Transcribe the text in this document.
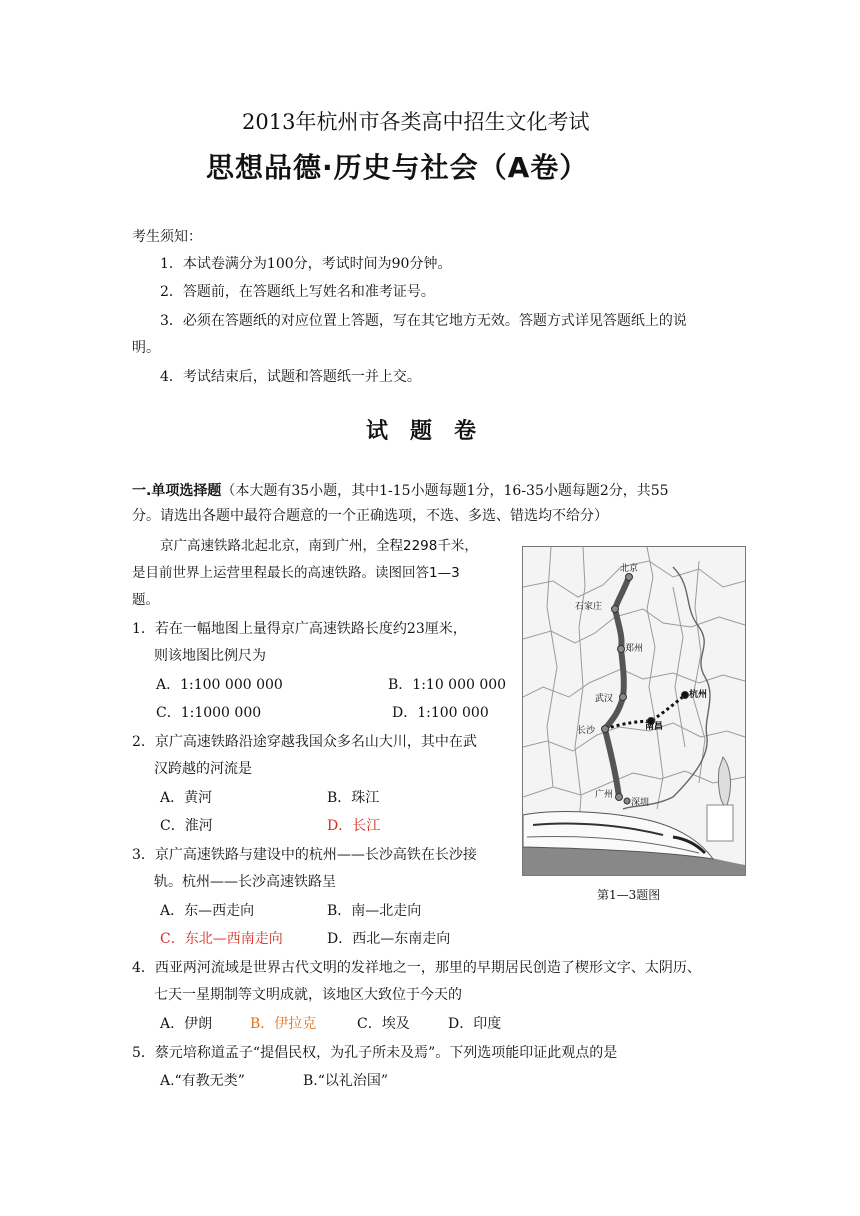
2013年杭州市各类高中招生文化考试
思想品德·历史与社会（A卷）
考生须知：
1．本试卷满分为100分，考试时间为90分钟。
2．答题前，在答题纸上写姓名和准考证号。
3．必须在答题纸的对应位置上答题，写在其它地方无效。答题方式详见答题纸上的说
明。
4．考试结束后，试题和答题纸一并上交。
试题卷
一.单项选择题（本大题有35小题，其中1-15小题每题1分，16-35小题每题2分，共55
分。请选出各题中最符合题意的一个正确选项，不选、多选、错选均不给分）
京广高速铁路北起北京，南到广州，全程2298千米，
是目前世界上运营里程最长的高速铁路。读图回答1—3
题。
1．若在一幅地图上量得京广高速铁路长度约23厘米，
则该地图比例尺为
A．1:100 000 000	B．1:10 000 000
C．1:1000 000	D．1:100 000
2．京广高速铁路沿途穿越我国众多名山大川，其中在武
汉跨越的河流是
A．黄河	B．珠江
C．淮河	D．长江
3．京广高速铁路与建设中的杭州——长沙高铁在长沙接
轨。杭州——长沙高速铁路呈
A．东—西走向	B．南—北走向
C．东北—西南走向	D．西北—东南走向
4．西亚两河流域是世界古代文明的发祥地之一，那里的早期居民创造了楔形文字、太阴历、
七天一星期制等文明成就，该地区大致位于今天的
A．伊朗	B．伊拉克	C．埃及	D．印度
5．蔡元培称道孟子“提倡民权，为孔子所未及焉”。下列选项能印证此观点的是
A.“有教无类”	B.“以礼治国”
北京
石家庄
郑州
武汉
长沙
广州
深圳
南昌
杭州
第1—3题图
